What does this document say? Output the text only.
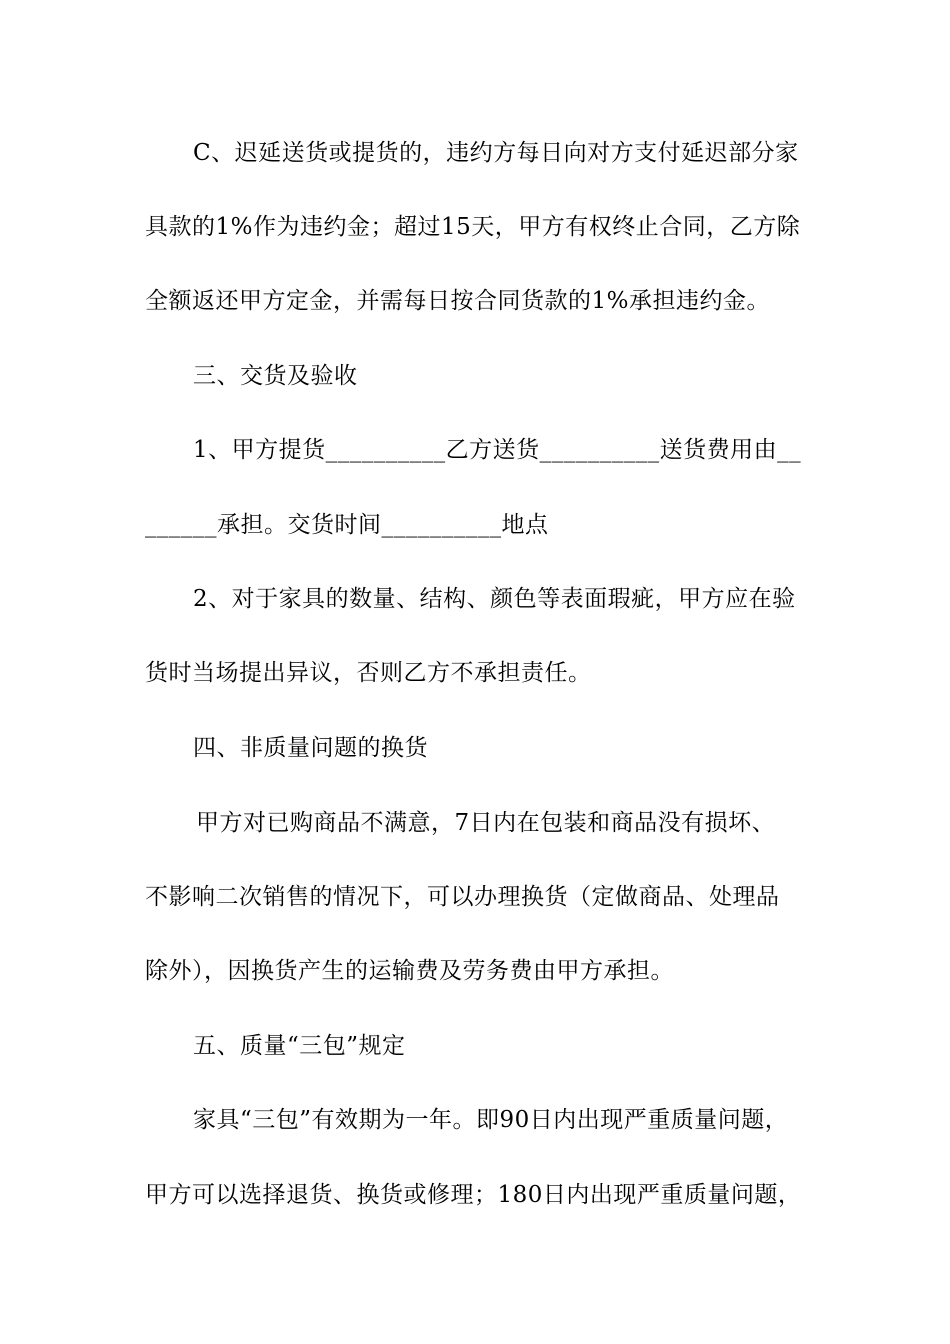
C、迟延送货或提货的，违约方每日向对方支付延迟部分家
具款的1%作为违约金；超过15天，甲方有权终止合同，乙方除
全额返还甲方定金，并需每日按合同货款的1%承担违约金。
三、交货及验收
1、甲方提货__________乙方送货__________送货费用由__
______承担。交货时间__________地点
2、对于家具的数量、结构、颜色等表面瑕疵，甲方应在验
货时当场提出异议，否则乙方不承担责任。
四、非质量问题的换货
甲方对已购商品不满意，7日内在包装和商品没有损坏、
不影响二次销售的情况下，可以办理换货（定做商品、处理品
除外），因换货产生的运输费及劳务费由甲方承担。
五、质量“三包”规定
家具“三包”有效期为一年。即90日内出现严重质量问题，
甲方可以选择退货、换货或修理；180日内出现严重质量问题，
